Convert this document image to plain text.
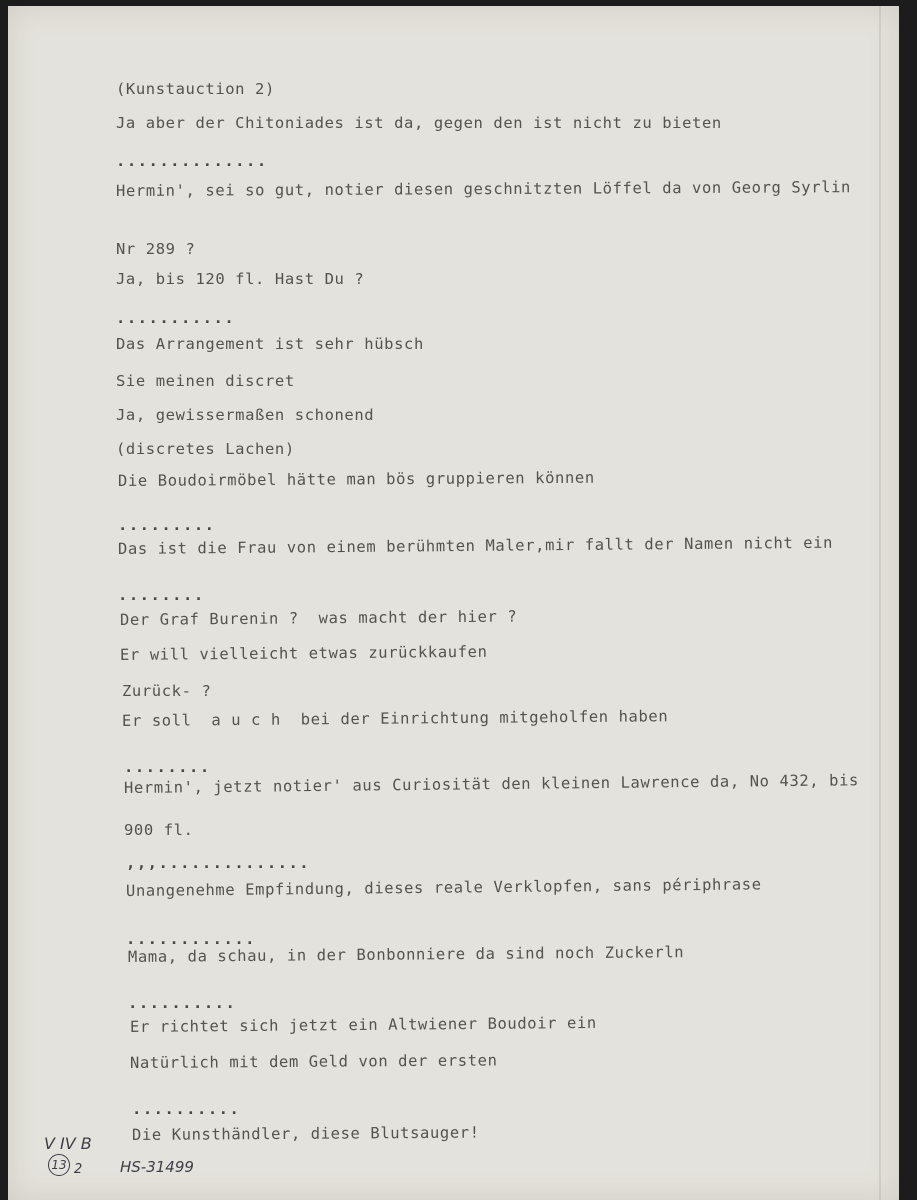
(Kunstauction 2)
Ja aber der Chitoniades ist da, gegen den ist nicht zu bieten
..............
Hermin', sei so gut, notier diesen geschnitzten Löffel da von Georg Syrlin
Nr 289 ?
Ja, bis 120 fl. Hast Du ?
...........
Das Arrangement ist sehr hübsch
Sie meinen discret
Ja, gewissermaßen schonend
(discretes Lachen)
Die Boudoirmöbel hätte man bös gruppieren können
.........
Das ist die Frau von einem berühmten Maler,mir fallt der Namen nicht ein
........
Der Graf Burenin ?  was macht der hier ?
Er will vielleicht etwas zurückkaufen
Zurück- ?
Er soll  a u c h  bei der Einrichtung mitgeholfen haben
........
Hermin', jetzt notier' aus Curiosität den kleinen Lawrence da, No 432, bis
900 fl.
,,,..............
Unangenehme Empfindung, dieses reale Verklopfen, sans périphrase
............
Mama, da schau, in der Bonbonniere da sind noch Zuckerln
..........
Er richtet sich jetzt ein Altwiener Boudoir ein
Natürlich mit dem Geld von der ersten
..........
Die Kunsthändler, diese Blutsauger!
V IV B
13 2	HS-31499
